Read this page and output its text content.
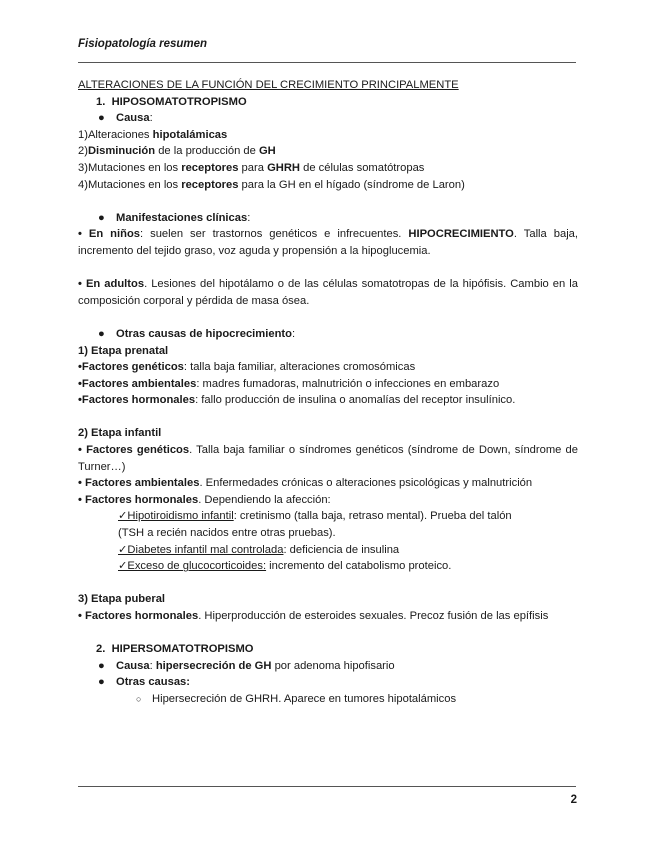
Fisiopatología resumen
ALTERACIONES DE LA FUNCIÓN DEL CRECIMIENTO PRINCIPALMENTE
1. HIPOSOMATOTROPISMO
● Causa:
1)Alteraciones hipotalámicas
2)Disminución de la producción de GH
3)Mutaciones en los receptores para GHRH de células somatótropas
4)Mutaciones en los receptores para la GH en el hígado (síndrome de Laron)
● Manifestaciones clínicas:
• En niños: suelen ser trastornos genéticos e infrecuentes. HIPOCRECIMIENTO. Talla baja, incremento del tejido graso, voz aguda y propensión a la hipoglucemia.
• En adultos. Lesiones del hipotálamo o de las células somatotropas de la hipófisis. Cambio en la composición corporal y pérdida de masa ósea.
● Otras causas de hipocrecimiento:
1) Etapa prenatal
•Factores genéticos: talla baja familiar, alteraciones cromosómicas
•Factores ambientales: madres fumadoras, malnutrición o infecciones en embarazo
•Factores hormonales: fallo producción de insulina o anomalías del receptor insulínico.
2) Etapa infantil
• Factores genéticos. Talla baja familiar o síndromes genéticos (síndrome de Down, síndrome de Turner…)
• Factores ambientales. Enfermedades crónicas o alteraciones psicológicas y malnutrición
• Factores hormonales. Dependiendo la afección:
✓Hipotiroidismo infantil: cretinismo (talla baja, retraso mental). Prueba del talón
(TSH a recién nacidos entre otras pruebas).
✓Diabetes infantil mal controlada: deficiencia de insulina
✓Exceso de glucocorticoides: incremento del catabolismo proteico.
3) Etapa puberal
• Factores hormonales. Hiperproducción de esteroides sexuales. Precoz fusión de las epífisis
2. HIPERSOMATOTROPISMO
● Causa: hipersecreción de GH por adenoma hipofisario
● Otras causas:
○ Hipersecreción de GHRH. Aparece en tumores hipotalámicos
2
